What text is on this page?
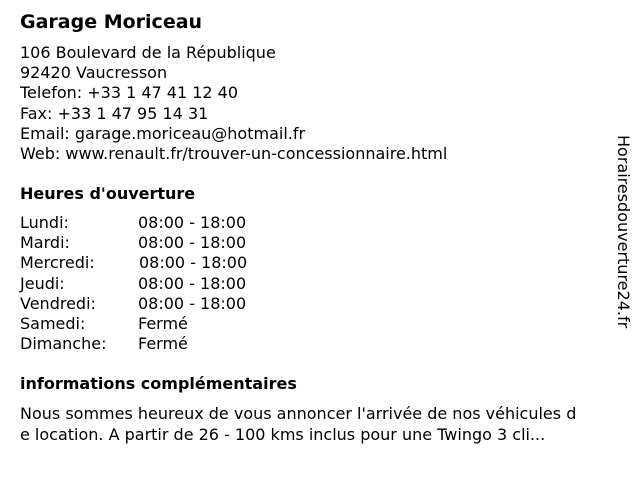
Garage Moriceau
106 Boulevard de la République
92420 Vaucresson
Telefon: +33 1 47 41 12 40
Fax: +33 1 47 95 14 31
Email: garage.moriceau@hotmail.fr
Web: www.renault.fr/trouver-un-concessionnaire.html
Heures d'ouverture
Lundi:	08:00 - 18:00
Mardi:	08:00 - 18:00
Mercredi:	08:00 - 18:00
Jeudi:	08:00 - 18:00
Vendredi:	08:00 - 18:00
Samedi:	Fermé
Dimanche: Fermé
informations complémentaires
Nous sommes heureux de vous annoncer l'arrivée de nos véhicules d
e location. A partir de 26 - 100 kms inclus pour une Twingo 3 cli...
Horairesdouverture24.fr
